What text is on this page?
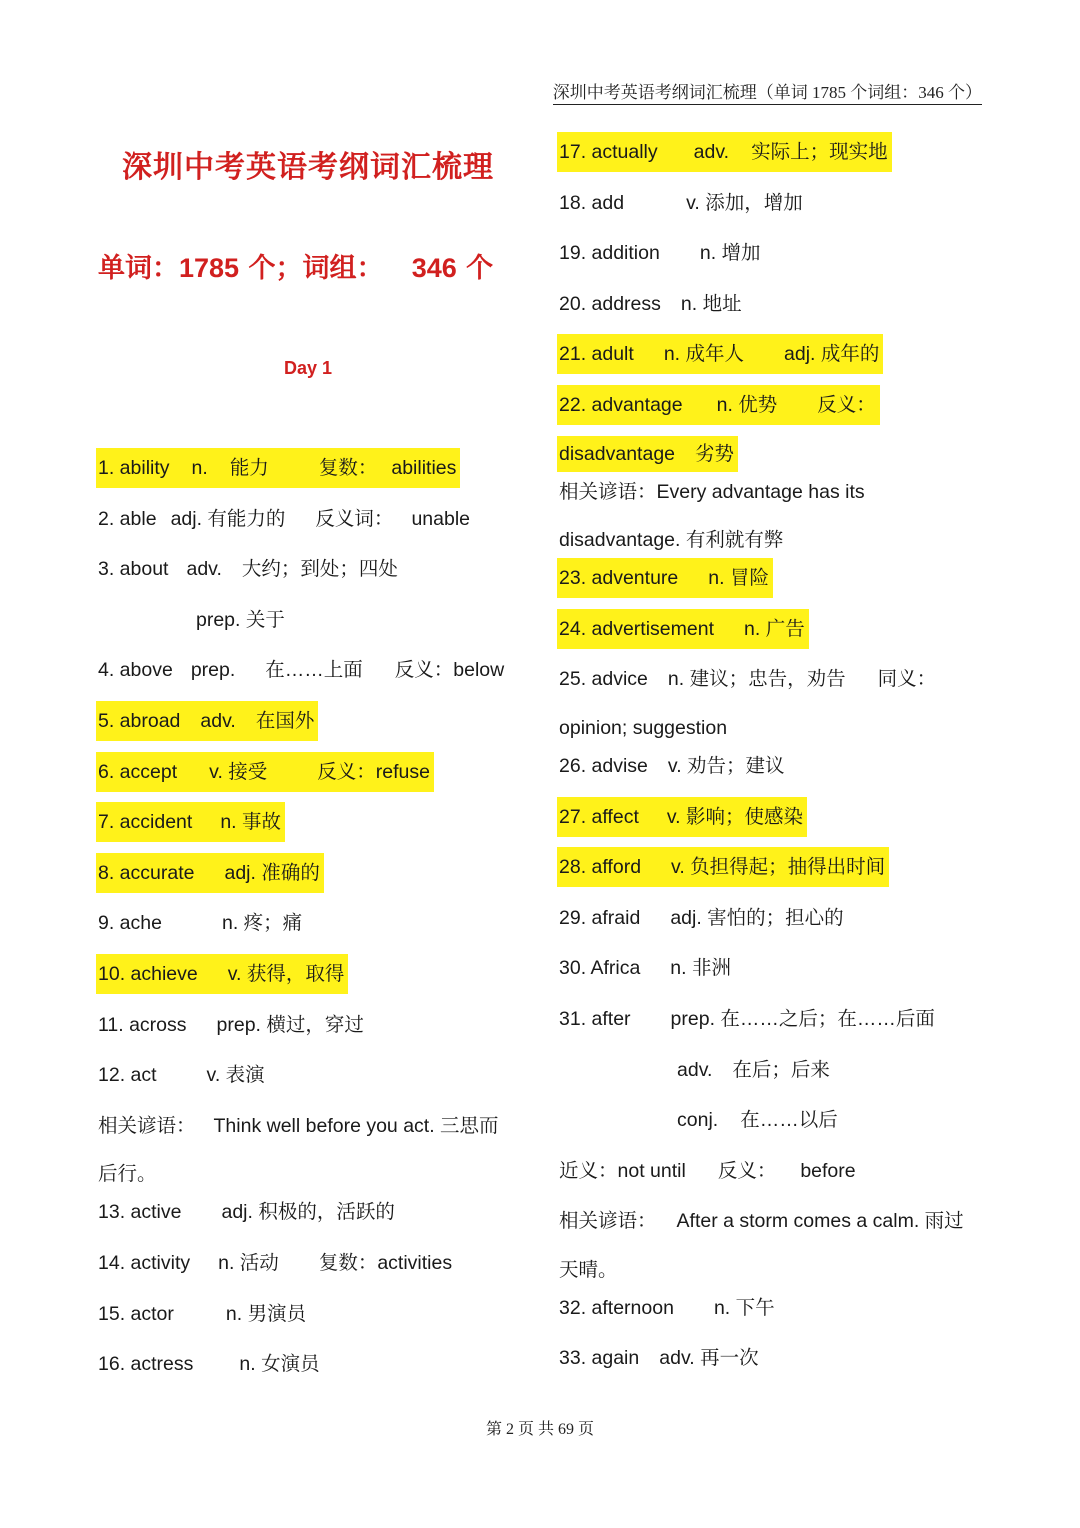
深圳中考英语考纲词汇梳理（单词 1785 个词组：346 个）
深圳中考英语考纲词汇梳理
单词：1785 个；词组： 346 个
Day 1
1. ability n. 能力	复数： abilities
2. able adj. 有能力的 反义词： unable
3. about adv. 大约；到处；四处
prep. 关于
4. above prep. 在……上面 反义：below
5. abroad adv. 在国外
6. accept v. 接受	反义：refuse
7. accident n. 事故
8. accurate adj. 准确的
9. ache	n. 疼；痛
10. achieve v. 获得，取得
11. across prep. 横过，穿过
12. act	v. 表演
相关谚语： Think well before you act. 三思而
后行。
13. active adj. 积极的，活跃的
14. activity n. 活动 复数：activities
15. actor	n. 男演员
16. actress n. 女演员
17. actually adv. 实际上；现实地
18. add	v. 添加，增加
19. addition n. 增加
20. address n. 地址
21. adult n. 成年人 adj. 成年的
22. advantage n. 优势 反义：
disadvantage 劣势
相关谚语：Every advantage has its
disadvantage. 有利就有弊
23. adventure n. 冒险
24. advertisement n. 广告
25. advice n. 建议；忠告，劝告 同义：
opinion; suggestion
26. advise v. 劝告；建议
27. affect v. 影响；使感染
28. afford v. 负担得起；抽得出时间
29. afraid adj. 害怕的；担心的
30. Africa n. 非洲
31. after prep. 在……之后；在……后面
adv. 在后；后来
conj. 在……以后
近义：not until 反义： before
相关谚语： After a storm comes a calm. 雨过
天晴。
32. afternoon n. 下午
33. again adv. 再一次
第 2 页 共 69 页
